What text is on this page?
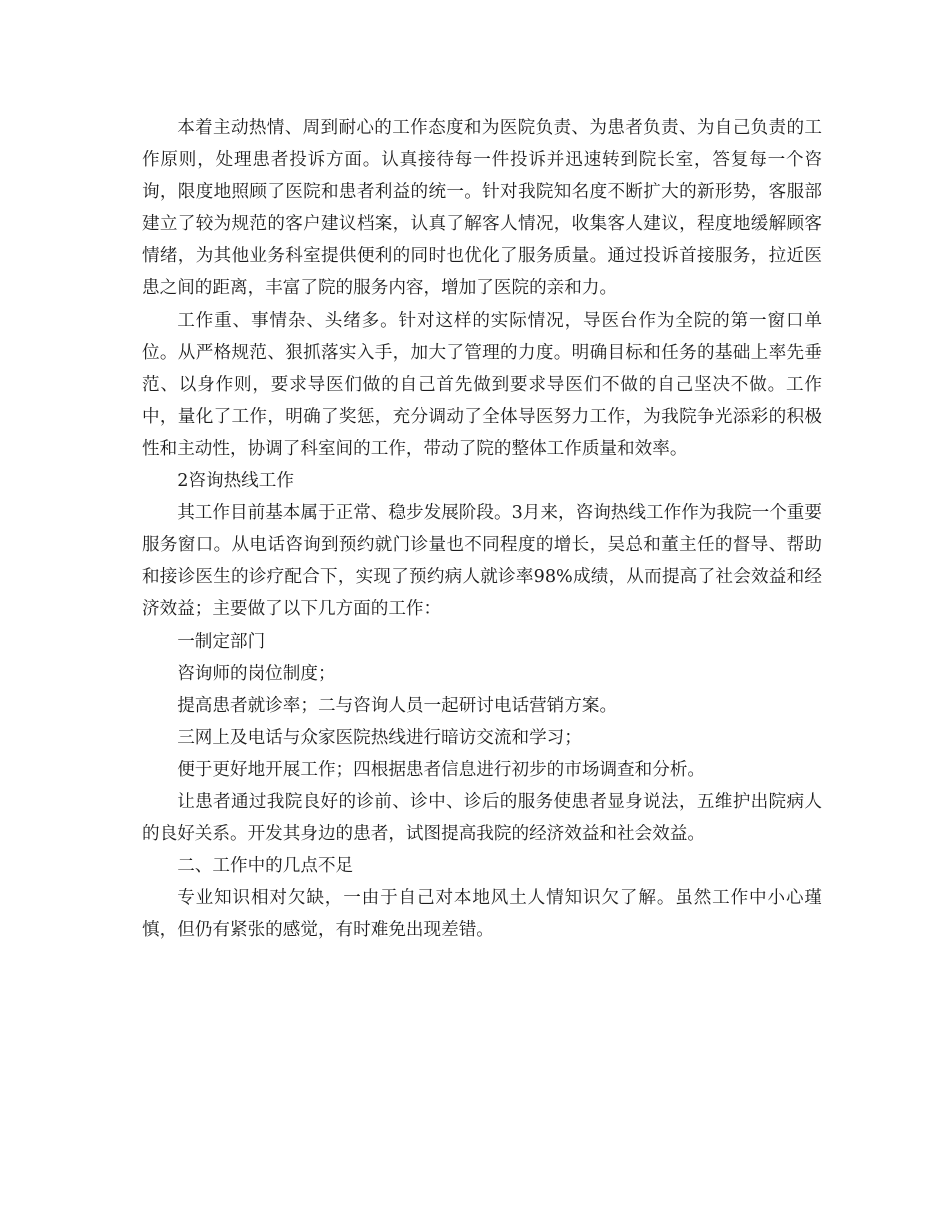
本着主动热情、周到耐心的工作态度和为医院负责、为患者负责、为自己负责的工作原则，处理患者投诉方面。认真接待每一件投诉并迅速转到院长室，答复每一个咨询，限度地照顾了医院和患者利益的统一。针对我院知名度不断扩大的新形势，客服部建立了较为规范的客户建议档案，认真了解客人情况，收集客人建议，程度地缓解顾客情绪，为其他业务科室提供便利的同时也优化了服务质量。通过投诉首接服务，拉近医患之间的距离，丰富了院的服务内容，增加了医院的亲和力。

工作重、事情杂、头绪多。针对这样的实际情况，导医台作为全院的第一窗口单位。从严格规范、狠抓落实入手，加大了管理的力度。明确目标和任务的基础上率先垂范、以身作则，要求导医们做的自己首先做到要求导医们不做的自己坚决不做。工作中，量化了工作，明确了奖惩，充分调动了全体导医努力工作，为我院争光添彩的积极性和主动性，协调了科室间的工作，带动了院的整体工作质量和效率。

2咨询热线工作

其工作目前基本属于正常、稳步发展阶段。3月来，咨询热线工作作为我院一个重要服务窗口。从电话咨询到预约就门诊量也不同程度的增长，吴总和董主任的督导、帮助和接诊医生的诊疗配合下，实现了预约病人就诊率98%成绩，从而提高了社会效益和经济效益；主要做了以下几方面的工作：

一制定部门

咨询师的岗位制度；

提高患者就诊率；二与咨询人员一起研讨电话营销方案。

三网上及电话与众家医院热线进行暗访交流和学习；

便于更好地开展工作；四根据患者信息进行初步的市场调查和分析。

让患者通过我院良好的诊前、诊中、诊后的服务使患者显身说法，五维护出院病人的良好关系。开发其身边的患者，试图提高我院的经济效益和社会效益。

二、工作中的几点不足

专业知识相对欠缺，一由于自己对本地风土人情知识欠了解。虽然工作中小心瑾慎，但仍有紧张的感觉，有时难免出现差错。
